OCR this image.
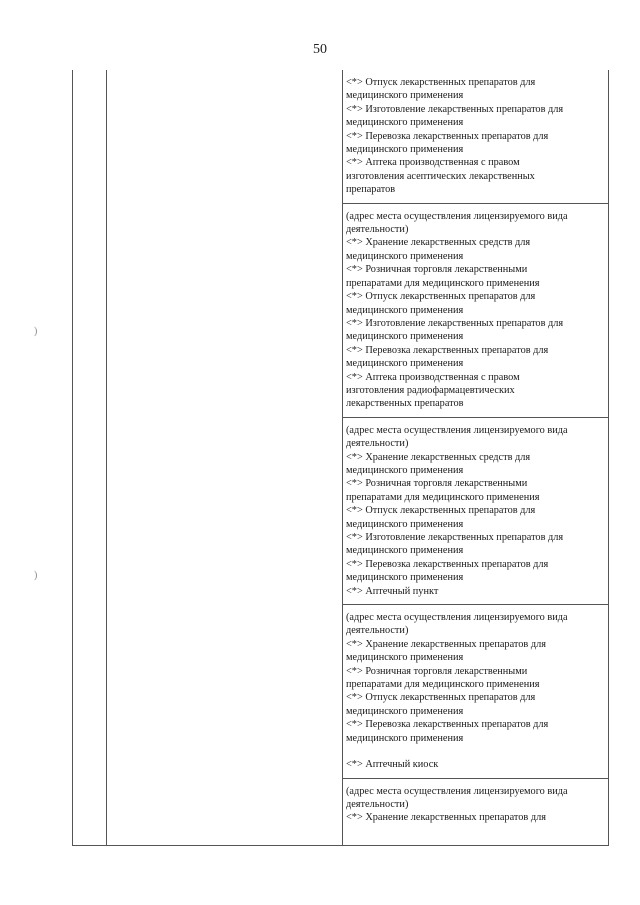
50
)
)

<*> Отпуск лекарственных препаратов для

медицинского применения

<*> Изготовление лекарственных препаратов для

медицинского применения

<*> Перевозка лекарственных препаратов для

медицинского применения

<*> Аптека производственная с правом

изготовления асептических лекарственных

препаратов

(адрес места осуществления лицензируемого вида

деятельности)

<*> Хранение лекарственных средств для

медицинского применения

<*> Розничная торговля лекарственными

препаратами для медицинского применения

<*> Отпуск лекарственных препаратов для

медицинского применения

<*> Изготовление лекарственных препаратов для

медицинского применения

<*> Перевозка лекарственных препаратов для

медицинского применения

<*> Аптека производственная с правом

изготовления радиофармацевтических

лекарственных препаратов

(адрес места осуществления лицензируемого вида

деятельности)

<*> Хранение лекарственных средств для

медицинского применения

<*> Розничная торговля лекарственными

препаратами для медицинского применения

<*> Отпуск лекарственных препаратов для

медицинского применения

<*> Изготовление лекарственных препаратов для

медицинского применения

<*> Перевозка лекарственных препаратов для

медицинского применения

<*> Аптечный пункт

(адрес места осуществления лицензируемого вида

деятельности)

<*> Хранение лекарственных препаратов для

медицинского применения

<*> Розничная торговля лекарственными

препаратами для медицинского применения

<*> Отпуск лекарственных препаратов для

медицинского применения

<*> Перевозка лекарственных препаратов для

медицинского применения

<*> Аптечный киоск

(адрес места осуществления лицензируемого вида

деятельности)

<*> Хранение лекарственных препаратов для
